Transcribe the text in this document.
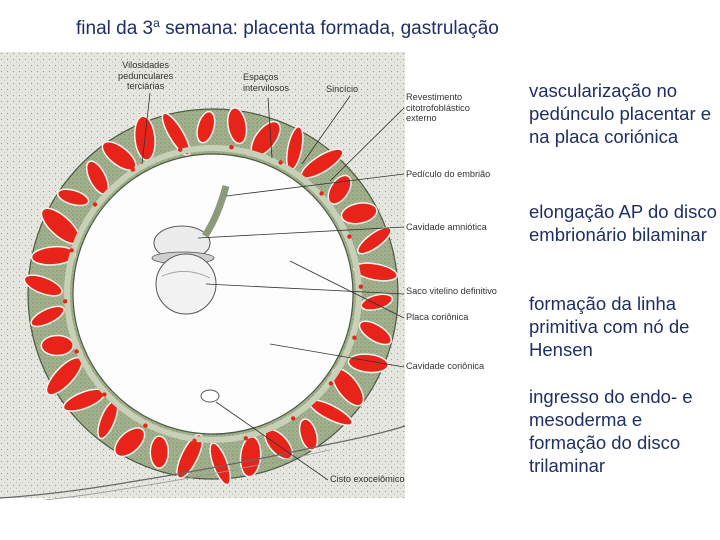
final da 3$^a$ semana: placenta formada, gastrulação
Vilosidades
pedunculares
terciárias
Espaços
intervilosos	Sincício
Revestimento
citotrofoblástico
externo
Pedículo do embrião
Cavidade amniótica
Saco vitelino definitivo
Placa coriônica
Cavidade coriônica
Cisto exocelômico
vascularização no pedúnculo placentar e na placa coriónica
elongação AP do disco embrionário bilaminar
formação da linha primitiva com nó de Hensen
ingresso do endo- e mesoderma e formação do disco trilaminar
